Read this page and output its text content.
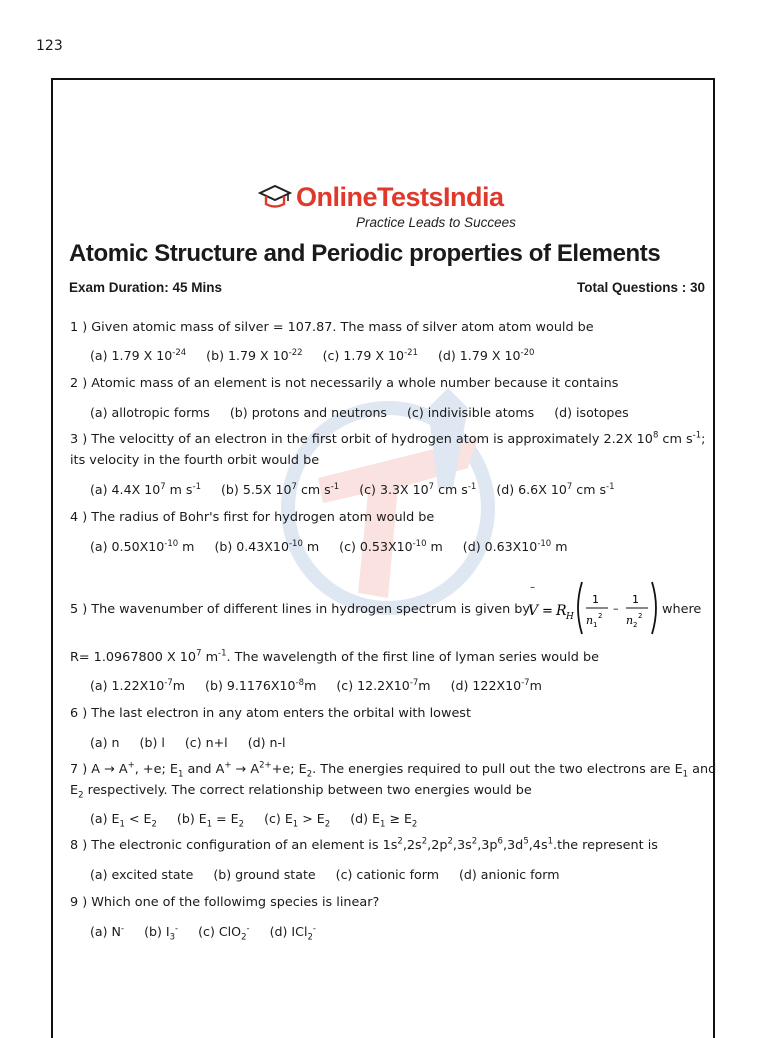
123
OnlineTestsIndia
Practice Leads to Succees
Atomic Structure and Periodic properties of Elements
Exam Duration: 45 Mins	Total Questions : 30
1 ) Given atomic mass of silver = 107.87. The mass of silver atom atom would be
(a) 1.79 X $10^{-24}$ (b) 1.79 X $10^{-22}$ (c) 1.79 X $10^{-21}$ (d) 1.79 X $10^{-20}$
2 ) Atomic mass of an element is not necessarily a whole number because it contains
(a) allotropic forms (b) protons and neutrons (c) indivisible atoms (d) isotopes
3 ) The velocitty of an electron in the first orbit of hydrogen atom is approximately 2.2X $10^8$ cm $s^{-1}$; its velocity in the fourth orbit would be
(a) 4.4X $10^7$ m $s^{-1}$ (b) 5.5X $10^7$ cm $s^{-1}$ (c) 3.3X $10^7$ cm $s^{-1}$ (d) 6.6X $10^7$ cm $s^{-1}$
4 ) The radius of Bohr's first for hydrogen atom would be
(a) $0.50X10^{-10}$ m (b) $0.43X10^{-10}$ m (c) $0.53X10^{-10}$ m (d) $0.63X10^{-10}$ m
5 ) The wavenumber of different lines in hydrogen spectrum is given by
V
–
= R H
1
n 1
2
–
1
n 2
2 where
R= 1.0967800 X $10^7$ $m^{-1}$. The wavelength of the first line of lyman series would be
(a) $1.22X10^{-7}m$ (b) $9.1176X10^{-8}m$ (c) $12.2X10^{-7}m$ (d) $122X10^{-7}m$
6 ) The last electron in any atom enters the orbital with lowest
(a) n (b) l (c) n+l (d) n-l
7 ) A → A+, +e; $E_1$ and $A^+ \to A^{2+}+e$; $E_2$. The energies required to pull out the two electrons are $E_1$ and $E_2$ respectively. The correct relationship between two energies would be
(a) $E_1 < E_2$ (b) $E_1 = E_2$ (c) $E_1 > E_2$ (d) $E_1 \ge E_2$
8 ) The electronic configuration of an element is $1s^2,2s^2,2p^2,3s^2,3p^6,3d^5,4s^1.the$ represent is
(a) excited state (b) ground state (c) cationic form (d) anionic form
9 ) Which one of the followimg species is linear?
(a) N- (b) $I_3^-$ (c) ClO$_2$- (d) ICl$_2$-
